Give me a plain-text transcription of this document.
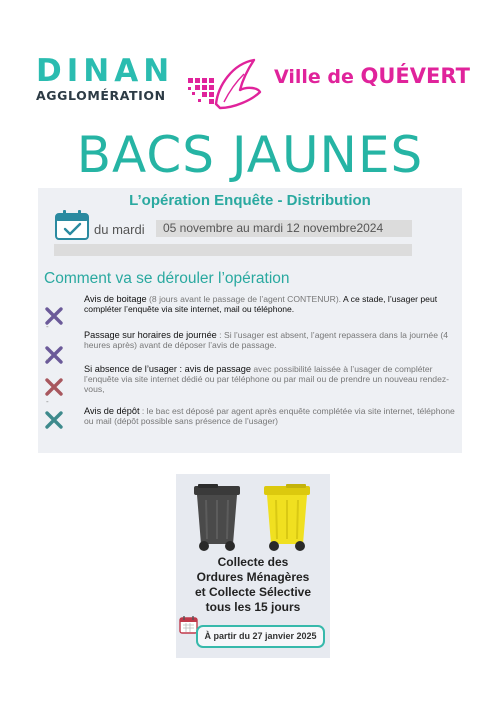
DINAN
AGGLOMÉRATION
Ville de QUÉVERT
BACS JAUNES
L’opération Enquête - Distribution
du mardi	05 novembre au mardi 12 novembre2024
Comment va se dérouler l’opération
Avis de boitage (8 jours avant le passage de l’agent CONTENUR). A ce stade, l’usager peut compléter l’enquête via site internet, mail ou téléphone.
-
Passage sur horaires de journée : Si l’usager est absent, l’agent repassera dans la journée (4 heures après) avant de déposer l’avis de passage.
-
Si absence de l’usager : avis de passage avec possibilité laissée à l’usager de compléter l’enquête via site internet dédié ou par téléphone ou par mail ou de prendre un nouveau rendez-vous,
-
Avis de dépôt : le bac est déposé par agent après enquête complétée via site internet, téléphone ou mail (dépôt possible sans présence de l’usager)
Collecte des
Ordures Ménagères
et Collecte Sélective
tous les 15 jours
À partir du 27 janvier 2025
